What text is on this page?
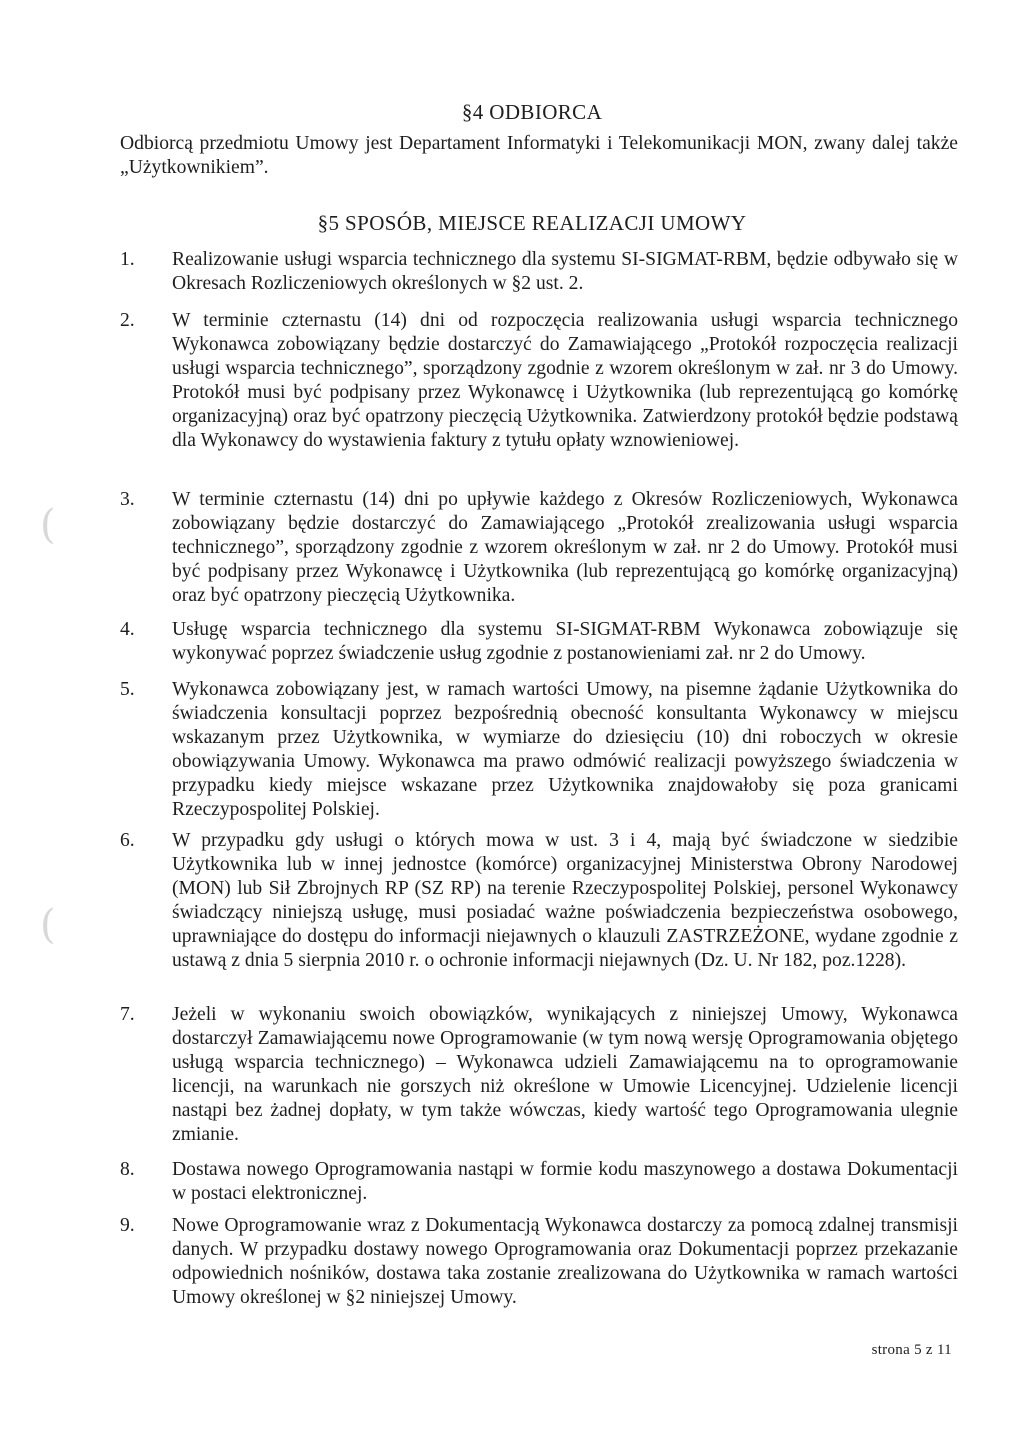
§4 ODBIORCA
Odbiorcą przedmiotu Umowy jest Departament Informatyki i Telekomunikacji MON, zwany dalej także „Użytkownikiem”.
§5 SPOSÓB, MIEJSCE REALIZACJI UMOWY
1. Realizowanie usługi wsparcia technicznego dla systemu SI-SIGMAT-RBM, będzie odbywało się w Okresach Rozliczeniowych określonych w §2 ust. 2.
2. W terminie czternastu (14) dni od rozpoczęcia realizowania usługi wsparcia technicznego Wykonawca zobowiązany będzie dostarczyć do Zamawiającego „Protokół rozpoczęcia realizacji usługi wsparcia technicznego”, sporządzony zgodnie z wzorem określonym w zał. nr 3 do Umowy. Protokół musi być podpisany przez Wykonawcę i Użytkownika (lub reprezentującą go komórkę organizacyjną) oraz być opatrzony pieczęcią Użytkownika. Zatwierdzony protokół będzie podstawą dla Wykonawcy do wystawienia faktury z tytułu opłaty wznowieniowej.
3. W terminie czternastu (14) dni po upływie każdego z Okresów Rozliczeniowych, Wykonawca zobowiązany będzie dostarczyć do Zamawiającego „Protokół zrealizowania usługi wsparcia technicznego”, sporządzony zgodnie z wzorem określonym w zał. nr 2 do Umowy. Protokół musi być podpisany przez Wykonawcę i Użytkownika (lub reprezentującą go komórkę organizacyjną) oraz być opatrzony pieczęcią Użytkownika.
4. Usługę wsparcia technicznego dla systemu SI-SIGMAT-RBM Wykonawca zobowiązuje się wykonywać poprzez świadczenie usług zgodnie z postanowieniami zał. nr 2 do Umowy.
5. Wykonawca zobowiązany jest, w ramach wartości Umowy, na pisemne żądanie Użytkownika do świadczenia konsultacji poprzez bezpośrednią obecność konsultanta Wykonawcy w miejscu wskazanym przez Użytkownika, w wymiarze do dziesięciu (10) dni roboczych w okresie obowiązywania Umowy. Wykonawca ma prawo odmówić realizacji powyższego świadczenia w przypadku kiedy miejsce wskazane przez Użytkownika znajdowałoby się poza granicami Rzeczypospolitej Polskiej.
6. W przypadku gdy usługi o których mowa w ust. 3 i 4, mają być świadczone w siedzibie Użytkownika lub w innej jednostce (komórce) organizacyjnej Ministerstwa Obrony Narodowej (MON) lub Sił Zbrojnych RP (SZ RP) na terenie Rzeczypospolitej Polskiej, personel Wykonawcy świadczący niniejszą usługę, musi posiadać ważne poświadczenia bezpieczeństwa osobowego, uprawniające do dostępu do informacji niejawnych o klauzuli ZASTRZEŻONE, wydane zgodnie z ustawą z dnia 5 sierpnia 2010 r. o ochronie informacji niejawnych (Dz. U. Nr 182, poz.1228).
7. Jeżeli w wykonaniu swoich obowiązków, wynikających z niniejszej Umowy, Wykonawca dostarczył Zamawiającemu nowe Oprogramowanie (w tym nową wersję Oprogramowania objętego usługą wsparcia technicznego) – Wykonawca udzieli Zamawiającemu na to oprogramowanie licencji, na warunkach nie gorszych niż określone w Umowie Licencyjnej. Udzielenie licencji nastąpi bez żadnej dopłaty, w tym także wówczas, kiedy wartość tego Oprogramowania ulegnie zmianie.
8. Dostawa nowego Oprogramowania nastąpi w formie kodu maszynowego a dostawa Dokumentacji w postaci elektronicznej.
9. Nowe Oprogramowanie wraz z Dokumentacją Wykonawca dostarczy za pomocą zdalnej transmisji danych. W przypadku dostawy nowego Oprogramowania oraz Dokumentacji poprzez przekazanie odpowiednich nośników, dostawa taka zostanie zrealizowana do Użytkownika w ramach wartości Umowy określonej w §2 niniejszej Umowy.
(
(
strona 5 z 11
